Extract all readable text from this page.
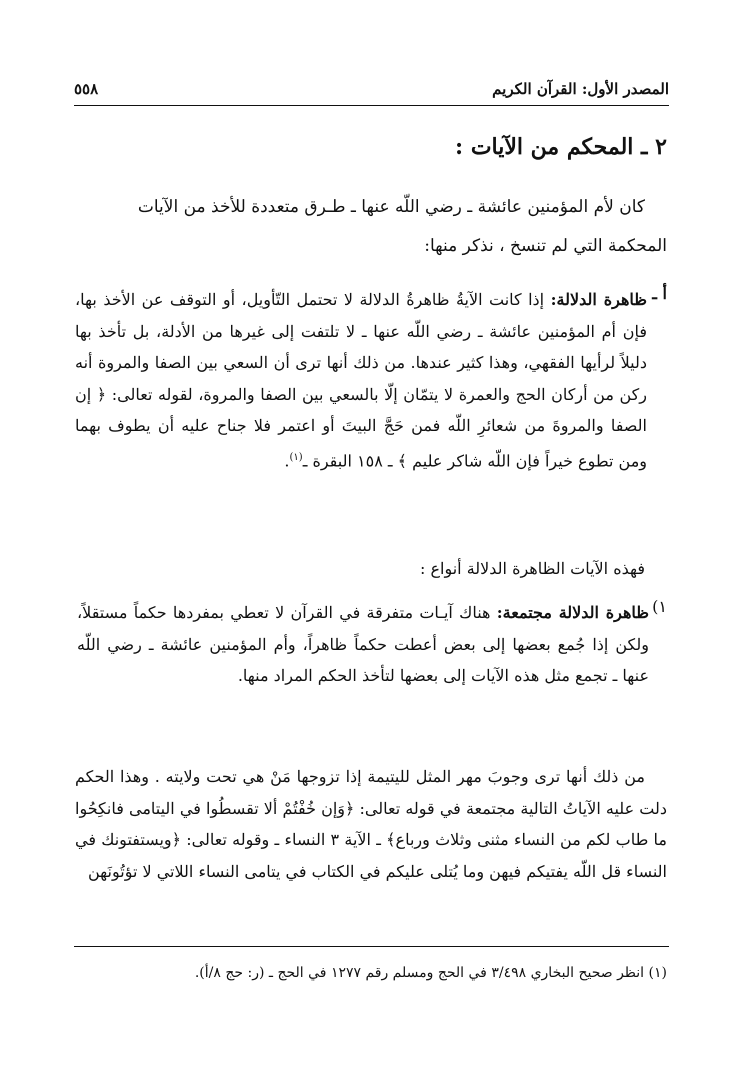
المصدر الأول: القرآن الكريم
٥٥٨
٢ ـ المحكم من الآيات :
كان لأم المؤمنين عائشة ـ رضي اللّه عنها ـ طـرق متعددة للأخذ من الآيات
المحكمة التي لم تنسخ ، نذكر منها:
أ ـ
ظاهرة الدلالة: إذا كانت الآيةُ ظاهرةُ الدلالة لا تحتمل التّأويل، أو التوقف عن الأخذ بها، فإن أم المؤمنين عائشة ـ رضي اللّه عنها ـ لا تلتفت إلى غيرها من الأدلة، بل تأخذ بها دليلاً لرأيها الفقهي، وهذا كثير عندها. من ذلك أنها ترى أن السعي بين الصفا والمروة أنه ركن من أركان الحج والعمرة لا يتمّان إلّا بالسعي بين الصفا والمروة، لقوله تعالى: ﴿ إن الصفا والمروةَ من شعائرِ اللّه فمن حَجَّ البيتَ أو اعتمر فلا جناح عليه أن يطوف بهما ومن تطوع خيراً فإن اللّه شاكر عليم ﴾ ـ ١٥٨ البقرة ـ$^{(١)}$.
فهذه الآيات الظاهرة الدلالة أنواع :
١)
ظاهرة الدلالة مجتمعة: هناك آيـات متفرقة في القرآن لا تعطي بمفردها حكماً مستقلاً، ولكن إذا جُمع بعضها إلى بعض أعطت حكماً ظاهراً، وأم المؤمنين عائشة ـ رضي اللّه عنها ـ تجمع مثل هذه الآيات إلى بعضها لتأخذ الحكم المراد منها.
من ذلك أنها ترى وجوبَ مهر المثل لليتيمة إذا تزوجها مَنْ هي تحت ولايته . وهذا الحكم دلت عليه الآياتُ التالية مجتمعة في قوله تعالى: ﴿وَإن خُفْتُمْ ألا تقسطُوا في اليتامى فانكِحُوا ما طاب لكم من النساء مثنى وثلاث ورباع﴾ ـ الآية ٣ النساء ـ وقوله تعالى: ﴿ويستفتونك في النساء قل اللّه يفتيكم فيهن وما يُتلى عليكم في الكتاب في يتامى النساء اللاتي لا تؤتُونَهن
(١) انظر صحيح البخاري ٣/٤٩٨ في الحج ومسلم رقم ١٢٧٧ في الحج ـ (ر: حج ٨/أ).
